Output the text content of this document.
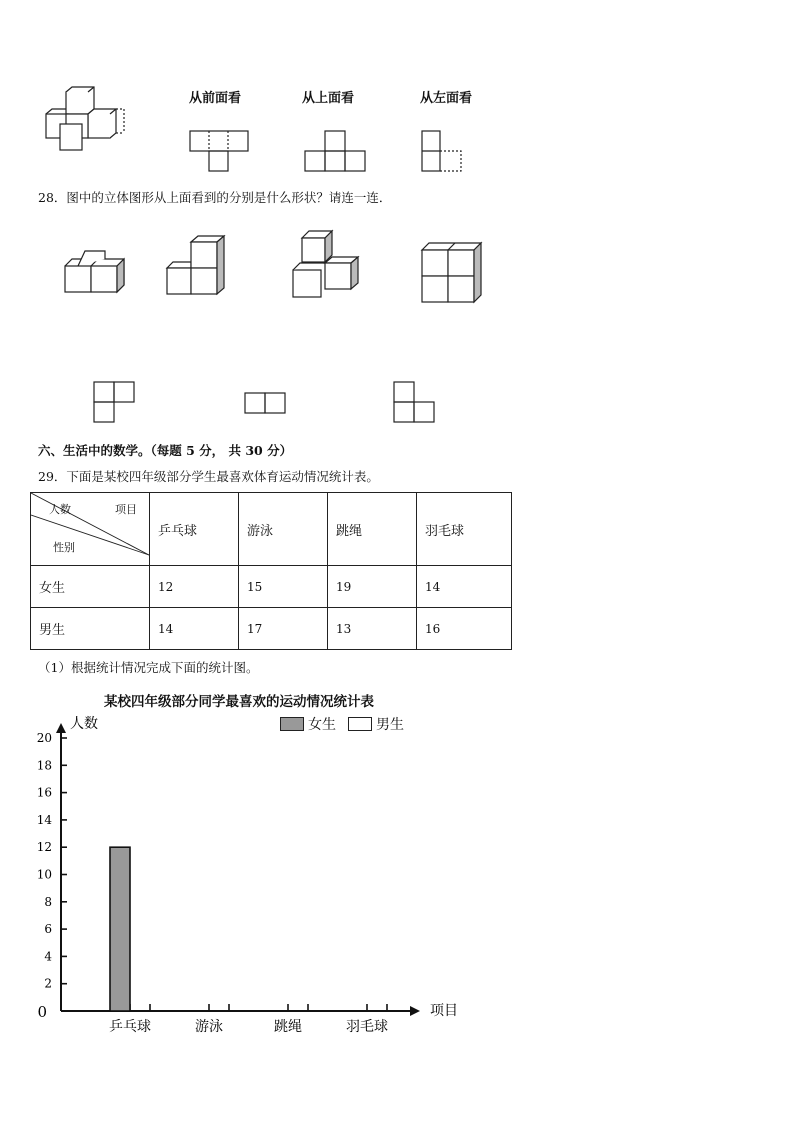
从前面看	从上面看	从左面看
28．图中的立体图形从上面看到的分别是什么形状？请连一连．
六、生活中的数学。（每题 5 分， 共 30 分）
29．下面是某校四年级部分学生最喜欢体育运动情况统计表。
人数 项目
性别	乒乓球	游泳	跳绳	羽毛球
女生	12	15	19	14
男生	14	17	13	16
（1）根据统计情况完成下面的统计图。
某校四年级部分同学最喜欢的运动情况统计表
女生	男生
0
2
4
6
8
10
12
14
16
18
20
人数
项目
乒乓球	游泳	跳绳	羽毛球
